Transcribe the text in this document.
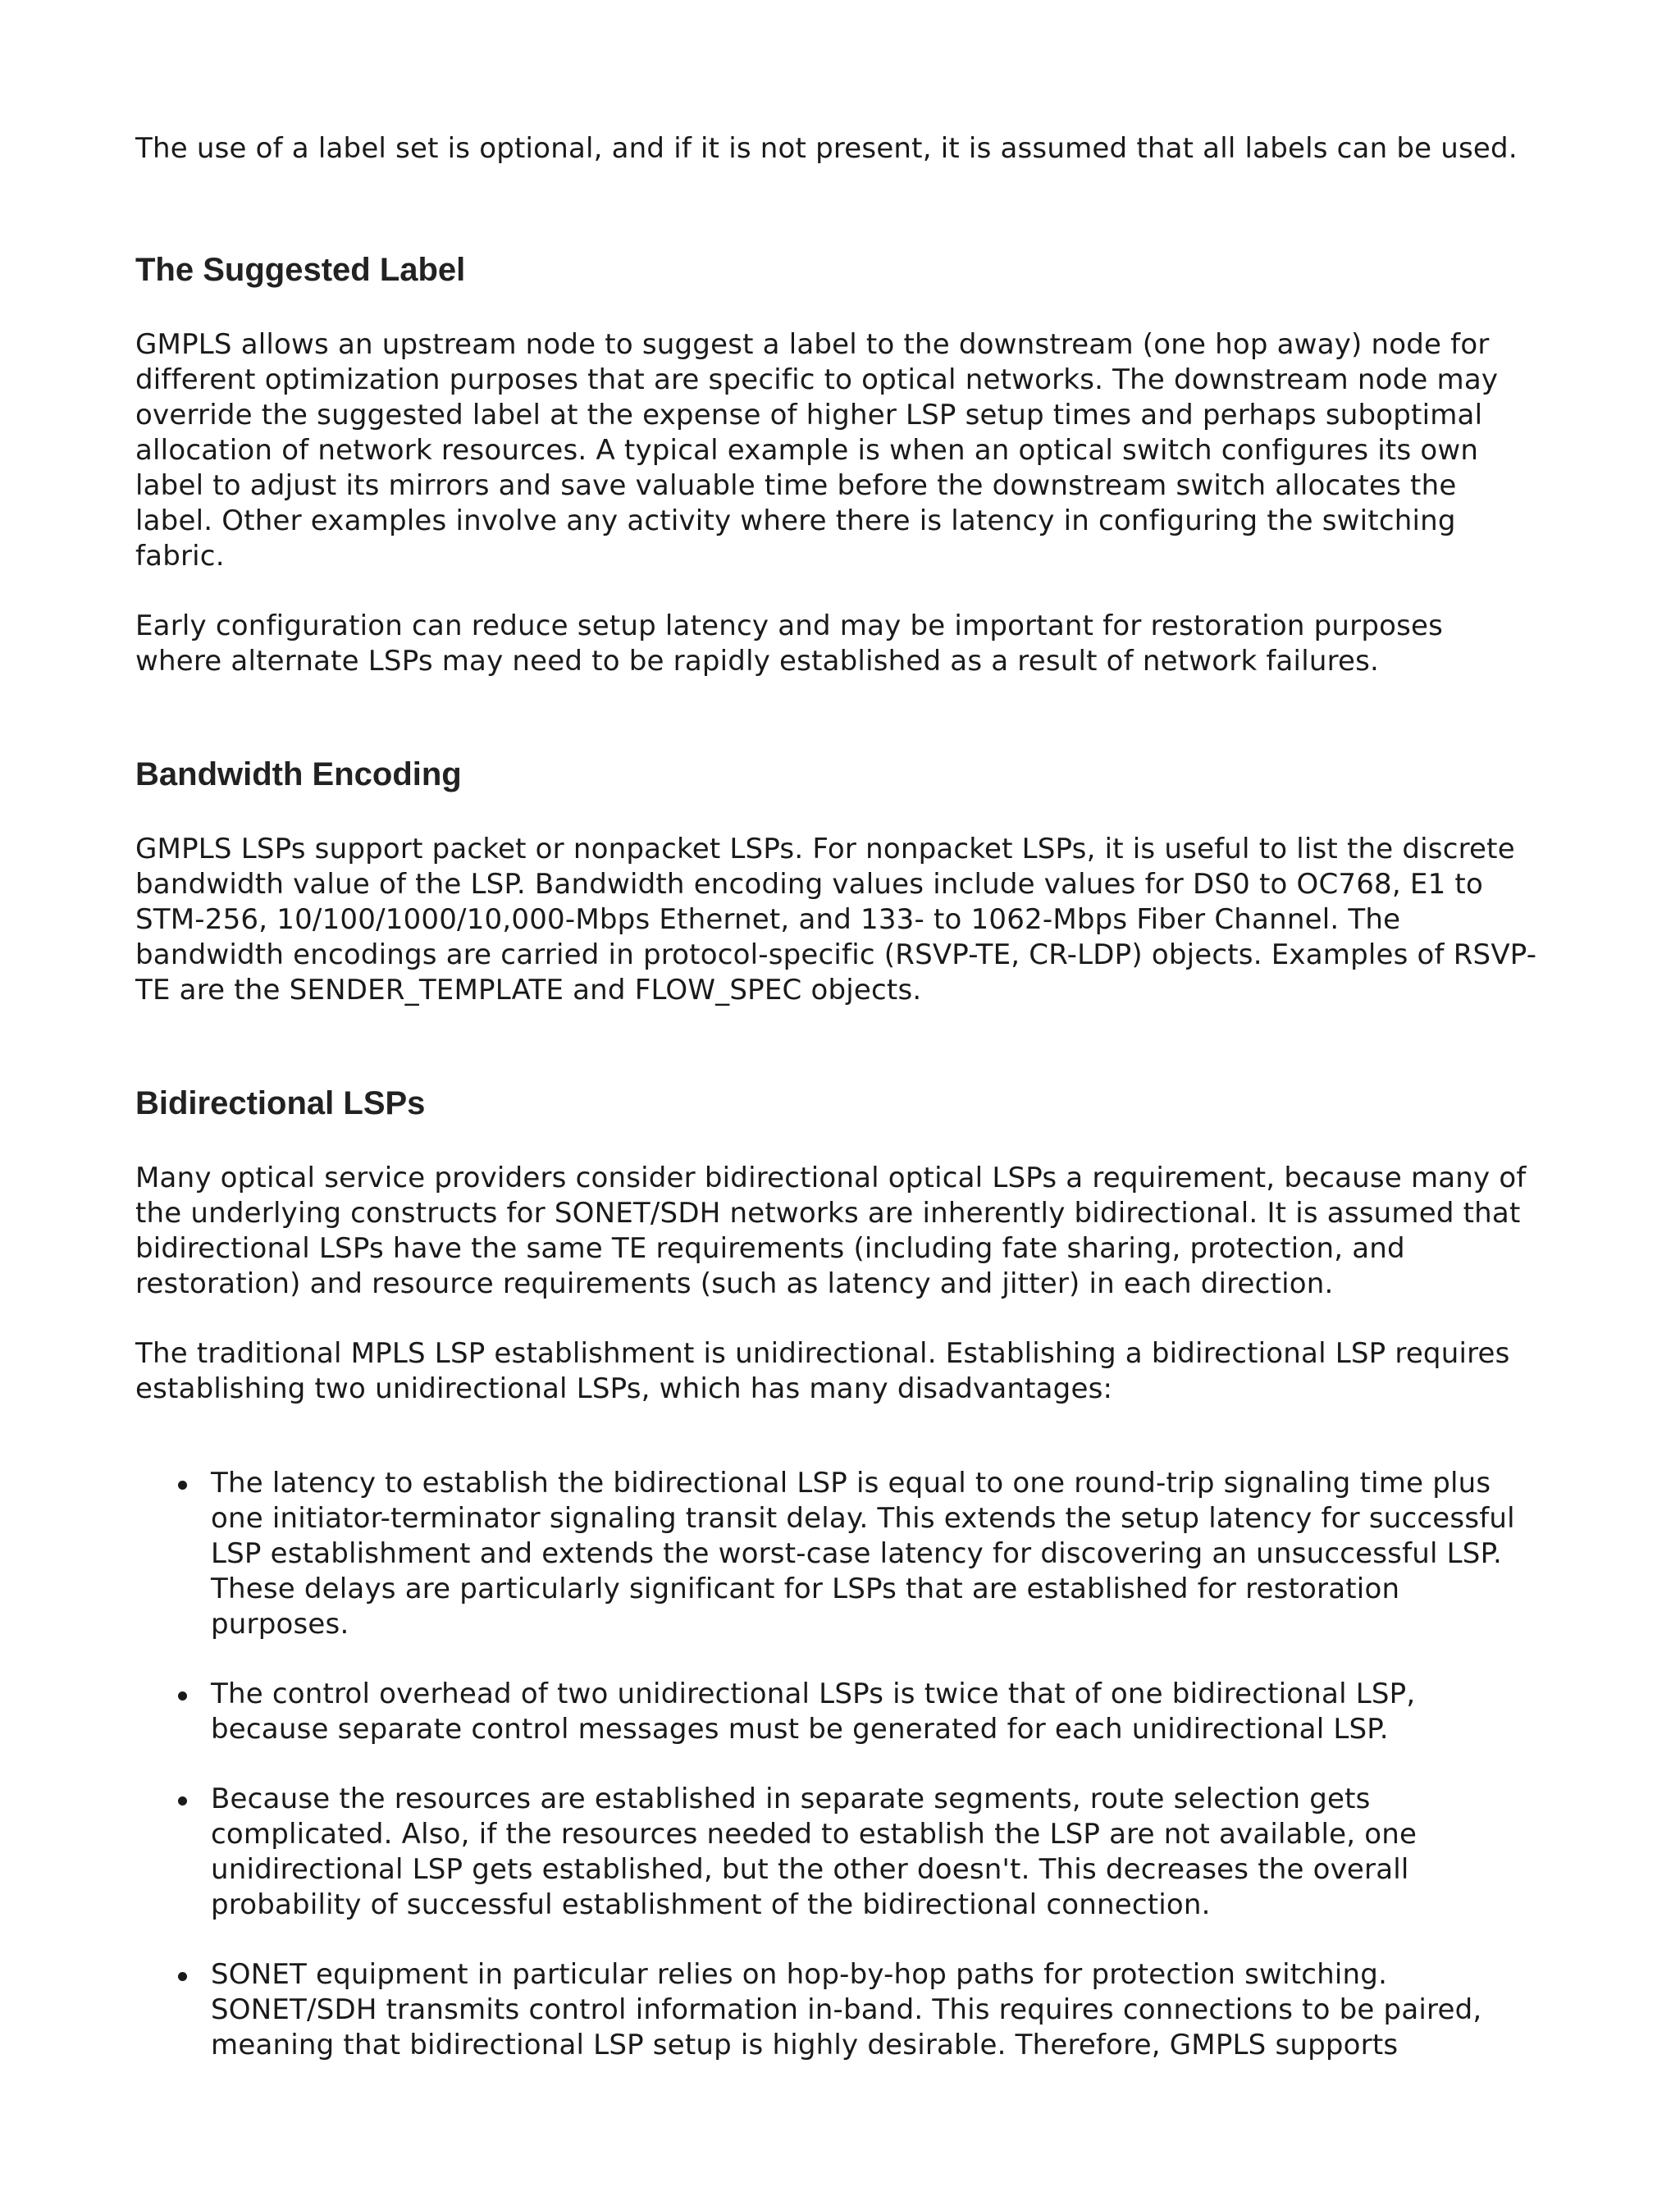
The use of a label set is optional, and if it is not present, it is assumed that all labels can be used.

The Suggested Label

GMPLS allows an upstream node to suggest a label to the downstream (one hop away) node for different optimization purposes that are specific to optical networks. The downstream node may override the suggested label at the expense of higher LSP setup times and perhaps suboptimal allocation of network resources. A typical example is when an optical switch configures its own label to adjust its mirrors and save valuable time before the downstream switch allocates the label. Other examples involve any activity where there is latency in configuring the switching fabric.

Early configuration can reduce setup latency and may be important for restoration purposes where alternate LSPs may need to be rapidly established as a result of network failures.

Bandwidth Encoding

GMPLS LSPs support packet or nonpacket LSPs. For nonpacket LSPs, it is useful to list the discrete bandwidth value of the LSP. Bandwidth encoding values include values for DS0 to OC768, E1 to STM-256, 10/100/1000/10,000-Mbps Ethernet, and 133- to 1062-Mbps Fiber Channel. The bandwidth encodings are carried in protocol-specific (RSVP-TE, CR-LDP) objects. Examples of RSVP-TE are the SENDER_TEMPLATE and FLOW_SPEC objects.

Bidirectional LSPs

Many optical service providers consider bidirectional optical LSPs a requirement, because many of the underlying constructs for SONET/SDH networks are inherently bidirectional. It is assumed that bidirectional LSPs have the same TE requirements (including fate sharing, protection, and restoration) and resource requirements (such as latency and jitter) in each direction.

The traditional MPLS LSP establishment is unidirectional. Establishing a bidirectional LSP requires establishing two unidirectional LSPs, which has many disadvantages:

The latency to establish the bidirectional LSP is equal to one round-trip signaling time plus one initiator-terminator signaling transit delay. This extends the setup latency for successful LSP establishment and extends the worst-case latency for discovering an unsuccessful LSP. These delays are particularly significant for LSPs that are established for restoration purposes.
The control overhead of two unidirectional LSPs is twice that of one bidirectional LSP, because separate control messages must be generated for each unidirectional LSP.
Because the resources are established in separate segments, route selection gets complicated. Also, if the resources needed to establish the LSP are not available, one unidirectional LSP gets established, but the other doesn't. This decreases the overall probability of successful establishment of the bidirectional connection.
SONET equipment in particular relies on hop-by-hop paths for protection switching. SONET/SDH transmits control information in-band. This requires connections to be paired, meaning that bidirectional LSP setup is highly desirable. Therefore, GMPLS supports
